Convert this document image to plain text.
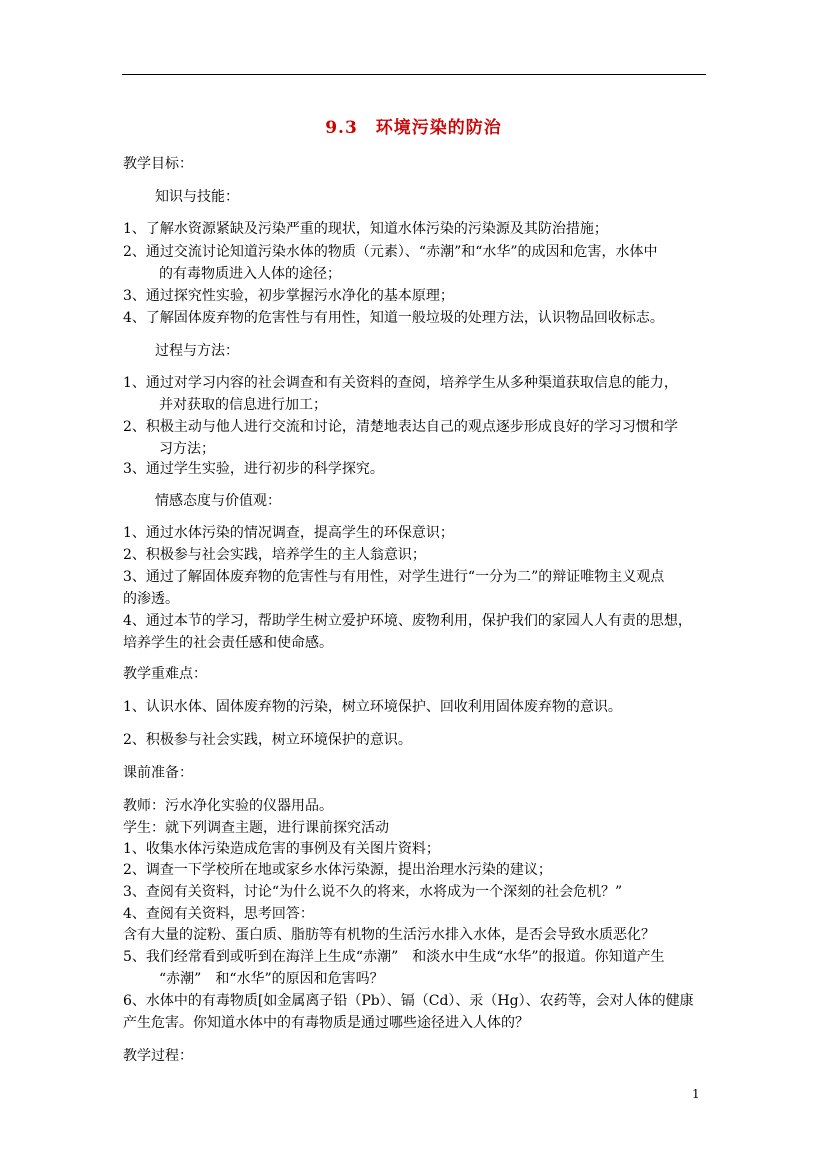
9.3　环境污染的防治
教学目标：
知识与技能：
1、了解水资源紧缺及污染严重的现状，知道水体污染的污染源及其防治措施；
2、通过交流讨论知道污染水体的物质（元素）、“赤潮”和“水华”的成因和危害，水体中
的有毒物质进入人体的途径；
3、通过探究性实验，初步掌握污水净化的基本原理；
4、了解固体废弃物的危害性与有用性，知道一般垃圾的处理方法，认识物品回收标志。
过程与方法：
1、通过对学习内容的社会调查和有关资料的查阅，培养学生从多种渠道获取信息的能力，
并对获取的信息进行加工；
2、积极主动与他人进行交流和讨论，清楚地表达自己的观点逐步形成良好的学习习惯和学
习方法；
3、通过学生实验，进行初步的科学探究。
情感态度与价值观：
1、通过水体污染的情况调查，提高学生的环保意识；
2、积极参与社会实践，培养学生的主人翁意识；
3、通过了解固体废弃物的危害性与有用性，对学生进行“一分为二”的辩证唯物主义观点
的渗透。
4、通过本节的学习，帮助学生树立爱护环境、废物利用，保护我们的家园人人有责的思想，
培养学生的社会责任感和使命感。
教学重难点：
1、认识水体、固体废弃物的污染，树立环境保护、回收利用固体废弃物的意识。
2、积极参与社会实践，树立环境保护的意识。
课前准备：
教师：污水净化实验的仪器用品。
学生：就下列调查主题，进行课前探究活动
1、收集水体污染造成危害的事例及有关图片资料；
2、调查一下学校所在地或家乡水体污染源，提出治理水污染的建议；
3、查阅有关资料，讨论“为什么说不久的将来，水将成为一个深刻的社会危机？”
4、查阅有关资料，思考回答：
含有大量的淀粉、蛋白质、脂肪等有机物的生活污水排入水体，是否会导致水质恶化？
5、我们经常看到或听到在海洋上生成“赤潮”　和淡水中生成“水华”的报道。你知道产生
“赤潮”　和“水华”的原因和危害吗？
6、水体中的有毒物质[如金属离子铅（Pb）、镉（Cd）、汞（Hg）、农药等，会对人体的健康
产生危害。你知道水体中的有毒物质是通过哪些途径进入人体的？
教学过程：
1
